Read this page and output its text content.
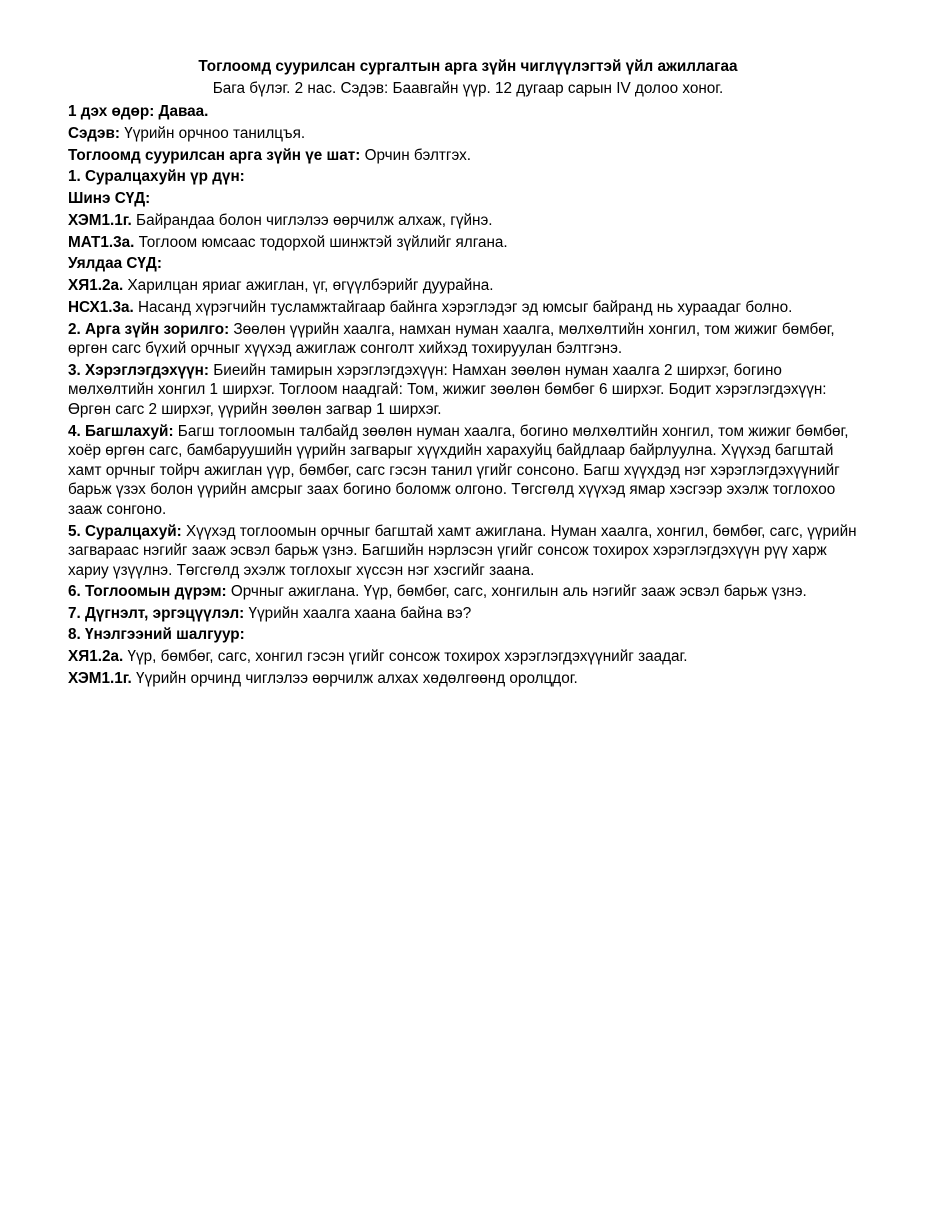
Тоглоомд суурилсан сургалтын арга зүйн чиглүүлэгтэй үйл ажиллагаа

Бага бүлэг. 2 нас. Сэдэв: Баавгайн үүр. 12 дугаар сарын IV долоо хоног.

1 дэх өдөр: Даваа.

Сэдэв: Үүрийн орчноо танилцъя.

Тоглоомд суурилсан арга зүйн үе шат: Орчин бэлтгэх.

1. Суралцахуйн үр дүн:

Шинэ СҮД:

ХЭМ1.1г. Байрандаа болон чиглэлээ өөрчилж алхаж, гүйнэ.

МАТ1.3а. Тоглоом юмсаас тодорхой шинжтэй зүйлийг ялгана.

Уялдаа СҮД:

ХЯ1.2а. Харилцан яриаг ажиглан, үг, өгүүлбэрийг дуурайна.

НСХ1.3а. Насанд хүрэгчийн тусламжтайгаар байнга хэрэглэдэг эд юмсыг байранд нь хураадаг болно.

2. Арга зүйн зорилго: Зөөлөн үүрийн хаалга, намхан нуман хаалга, мөлхөлтийн хонгил, том жижиг бөмбөг, өргөн сагс бүхий орчныг хүүхэд ажиглаж сонголт хийхэд тохируулан бэлтгэнэ.

3. Хэрэглэгдэхүүн: Биеийн тамирын хэрэглэгдэхүүн: Намхан зөөлөн нуман хаалга 2 ширхэг, богино мөлхөлтийн хонгил 1 ширхэг. Тоглоом наадгай: Том, жижиг зөөлөн бөмбөг 6 ширхэг. Бодит хэрэглэгдэхүүн: Өргөн сагс 2 ширхэг, үүрийн зөөлөн загвар 1 ширхэг.

4. Багшлахуй: Багш тоглоомын талбайд зөөлөн нуман хаалга, богино мөлхөлтийн хонгил, том жижиг бөмбөг, хоёр өргөн сагс, бамбаруушийн үүрийн загварыг хүүхдийн харахуйц байдлаар байрлуулна. Хүүхэд багштай хамт орчныг тойрч ажиглан үүр, бөмбөг, сагс гэсэн танил үгийг сонсоно. Багш хүүхдэд нэг хэрэглэгдэхүүнийг барьж үзэх болон үүрийн амсрыг заах богино боломж олгоно. Төгсгөлд хүүхэд ямар хэсгээр эхэлж тоглохоо зааж сонгоно.

5. Суралцахуй: Хүүхэд тоглоомын орчныг багштай хамт ажиглана. Нуман хаалга, хонгил, бөмбөг, сагс, үүрийн загвараас нэгийг зааж эсвэл барьж үзнэ. Багшийн нэрлэсэн үгийг сонсож тохирох хэрэглэгдэхүүн рүү харж хариу үзүүлнэ. Төгсгөлд эхэлж тоглохыг хүссэн нэг хэсгийг заана.

6. Тоглоомын дүрэм: Орчныг ажиглана. Үүр, бөмбөг, сагс, хонгилын аль нэгийг зааж эсвэл барьж үзнэ.

7. Дүгнэлт, эргэцүүлэл: Үүрийн хаалга хаана байна вэ?

8. Үнэлгээний шалгуур:

ХЯ1.2а. Үүр, бөмбөг, сагс, хонгил гэсэн үгийг сонсож тохирох хэрэглэгдэхүүнийг заадаг.

ХЭМ1.1г. Үүрийн орчинд чиглэлээ өөрчилж алхах хөдөлгөөнд оролцдог.
